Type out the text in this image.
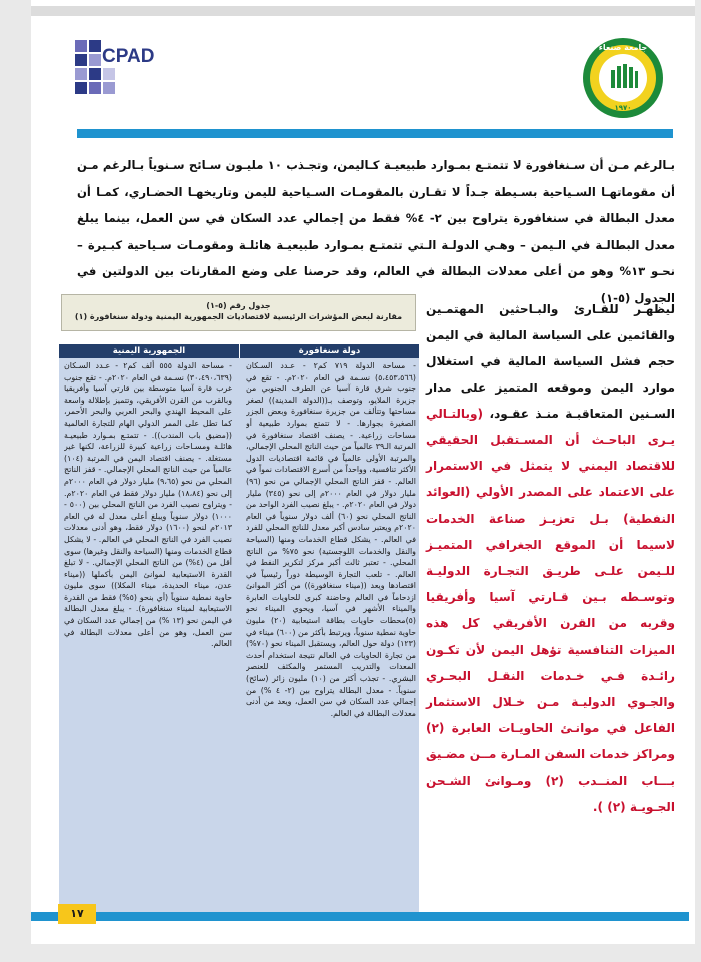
CPAD	جامعة صنعاء
١٩٧٠
بـالرغم مـن أن سـنغافورة لا تتمتـع بمـوارد طبيعيـة كـاليمن، وتجـذب ١٠ مليـون سـائح سـنوياً بـالرغم مـن أن مقوماتهـا السـياحية بسـيطة جـداً لا تقـارن بالمقومـات السـياحية لليمن وتاريخهـا الحضـاري، كمـا أن معدل البطالة في سنغافورة يتراوح بين ٢- ٤% فقط من إجمالي عدد السكان في سن العمل، بينما يبلغ معدل البطالـة في الـيمن – وهـي الدولـة الـتي تتمتـع بمـوارد طبيعيـة هائلـة ومقومـات سـياحية كبـيرة – نحـو ١٣% وهو من أعلى معدلات البطالة في العالم، وقد حرصنا على وضع المقارنات بين الدولتين في الجدول (٥-١)
ليظهـر للقـارئ والبـاحثين المهتمـين والقائمين على السياسة المالية في اليمن حجم فشل السياسة المالية في استغلال موارد اليمن وموقعه المتميز على مدار السـنين المتعاقبـة منـذ عقـود، (وبالتـالي يـرى الباحـث أن المسـتقبل الحقيقي للاقتصاد اليمني لا يتمثل في الاستمرار على الاعتماد على المصدر الأولي (العوائد النفطية) بـل تعزيـز صناعة الخدمات لاسيما أن الموقع الجغرافي المتميـز للـيمن علـى طريـق التجـارة الدوليـة وتوسـطه بـين قـارتي آسيا وأفريقيا وقربه من القرن الأفريقي كل هذه الميزات التنافسية تؤهل اليمن لأن تكـون رائـدة فـي خـدمات النقـل البحـري والجـوي الدوليـة مـن خـلال الاستثمار الفاعل في موانـئ الحاويـات العابرة (٢) ومراكز خدمات السفن المـارة مــن مضـيق بـــاب المنــدب (٢) ومـوانئ الشـحن الجـويـة (٢) ).
جدول رقم (٥-١)
مقارنة لبعض المؤشرات الرئيسية لاقتصاديات الجمهورية اليمنية ودولة سنغافورة (١)
دولة سنغافورة
الجمهورية اليمنية
- مساحة الدولة ٧١٩ كم٢ - عـدد السـكان (٥،٤٥٣،٥٦٦) نسـمة في العام ٢٠٢٠م. - تقع في جنوب شرق قارة آسيا عن الطرف الجنوبي من جزيرة الملايو، وتوصف بـ((الدولة المدينة)) لصغر مساحتها وتتألف من جزيرة سنغافورة وبعض الجزر الصغيرة بجوارها. - لا تتمتع بموارد طبيعية أو مساحات زراعية. - يصنف اقتصاد سنغافورة في المرتبة الـ٣٩ عالمياً من حيث الناتج المحلي الإجمالي، والمرتبة الأولى عالمياً في قائمة اقتصاديات الدول الأكثر تنافسية، وواحداً من أسرع الاقتصادات نمواً في العالم. - قفز الناتج المحلي الإجمالي من نحو (٩٦) مليار دولار في العام ٢٠٠٠م إلى نحو (٣٤٥) مليار دولار في العام ٢٠٢٠م. - يبلغ نصيب الفرد الواحد من الناتج المحلي نحو (٦٠) ألف دولار سنوياً في العام ٢٠٢٠م ويعتبر سادس أكبر معدل للناتج المحلي للفرد في العالم. - يشكل قطاع الخدمات ومنها (السياحة والنقل والخدمات اللوجستية) نحو ٧٥% من الناتج المحلي. - تعتبر ثالث أكبر مركز لتكرير النفط في العالم. - تلعب التجارة الوسيطة دوراً رئيسياً في اقتصادها ويعد ((ميناء سنغافورة)) من أكثر الموانئ ازدحاماً في العالم وحاضنة كبرى للحاويات العابرة والميناء الأشهر في آسيا، ويحوي الميناء نحو (٥)محطات حاويات بطاقة استيعابية (٢٠) مليون حاوية نمطية سنوياً، ويرتبط بأكثر من (٦٠٠) ميناء في (١٢٣) دولة حول العالم، ويستقبل الميناء نحو (٧٠%) من تجارة الحاويات في العالم نتيجة استخدام أحدث المعدات والتدريب المستمر والمكثف للعنصر البشري. - تجذب أكثر من (١٠) مليون زائر (سائح) سنوياً. - معدل البطالة يتراوح بين (٢- ٤ %) من إجمالي عدد السكان في سن العمل، ويعد من أدنى معدلات البطالة في العالم.
- مساحة الدولة ٥٥٥ ألف كم٢ - عـدد السـكان (٣٠،٤٩٠،٦٣٩) نسـمة في العام ٢٠٢٠م. - تقع جنوب غرب قارة آسيا متوسطة بين قارتي آسيا وأفريقيا وبالقرب من القرن الأفريقي، وتتميز بإطلالة واسعة على المحيط الهندي والبحر العربي والبحر الأحمر، كما تطل على الممر الدولي الهام للتجارة العالمية ((مضيق باب المندب)). - تتمتـع بمـوارد طبيعيـة هائلـة ومسـاحات زراعية كبيرة للزراعة، لكنها غير مستغلة. - يصنف اقتصاد اليمن في المرتبة (١٠٤) عالمياً من حيث الناتج المحلي الإجمالي. - قفز الناتج المحلي من نحو (٩،٦٥) مليار دولار في العام ٢٠٠٠م إلى نحو (١٨،٨٤) مليار دولار فقط في العام ٢٠٢٠م. - ويتراوح نصيب الفرد من الناتج المحلي بين (٥٠٠ - ١٠٠٠) دولار سنوياً ويبلغ أعلى معدل له في العام ٢٠١٣م لنحو (١٦٠٠) دولار فقط، وهو أدنى معدلات نصيب الفرد في الناتج المحلي في العالم. - لا يشكل قطاع الخدمات ومنها (السياحة والنقل وغيرها) سوى أقل من (٤%) من الناتج المحلي الإجمالي. - لا تبلغ القدرة الاستيعابية لموانئ اليمن بأكملها ((ميناء عدن، ميناء الحديدة، ميناء المكلا)) سوى مليون حاوية نمطية سنوياً (أي بنحو (٥%) فقط من القدرة الاستيعابية لميناء سنغافورة). - يبلغ معدل البطالة في اليمن نحو (١٣ %) من إجمالي عدد السكان في سن العمل، وهو من أعلى معدلات البطالة في العالم.
١٧
